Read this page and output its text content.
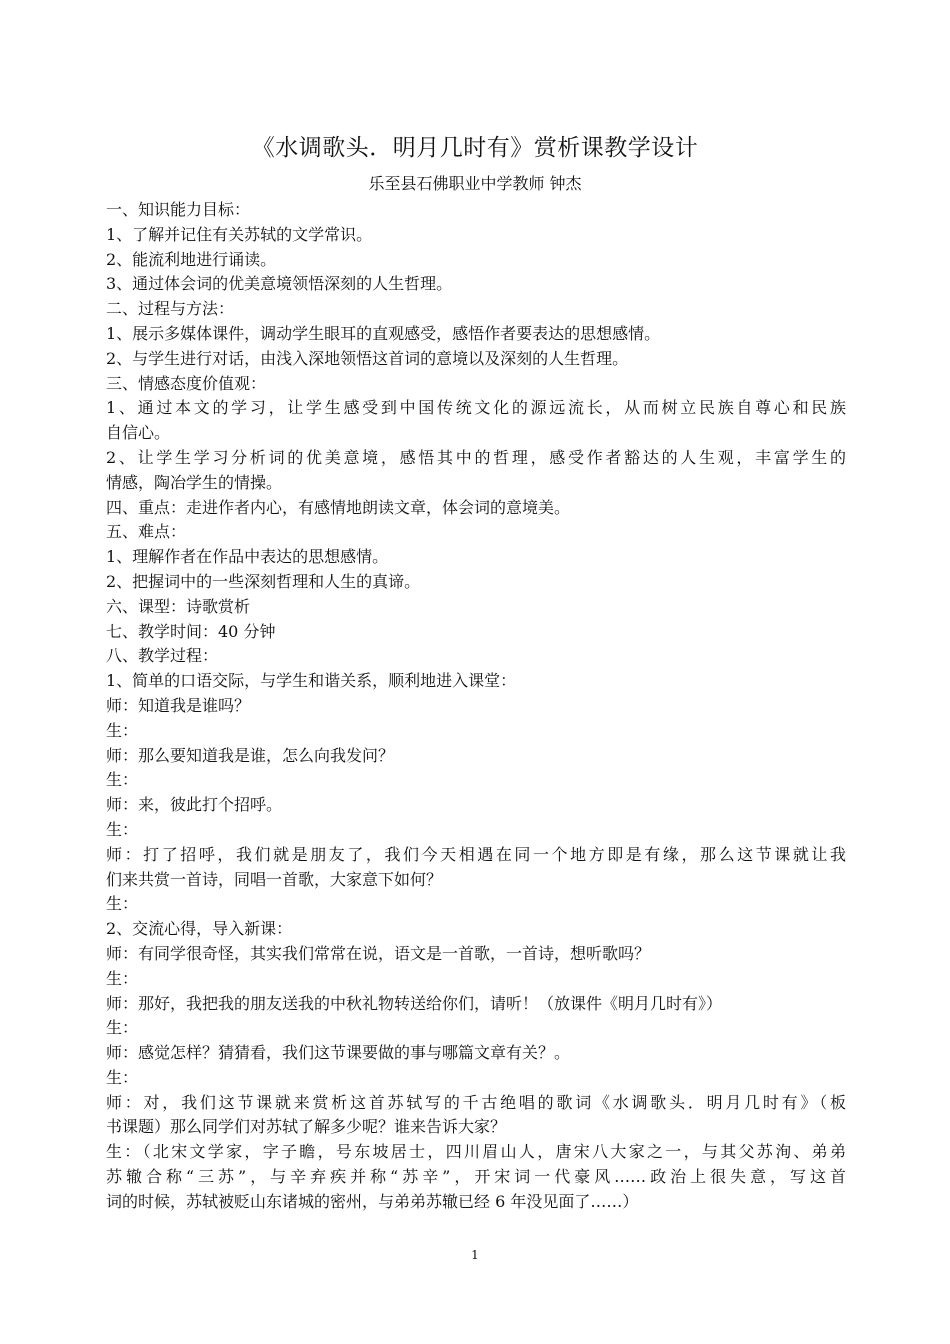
《水调歌头．明月几时有》赏析课教学设计
乐至县石佛职业中学教师 钟杰
一、知识能力目标：
1、了解并记住有关苏轼的文学常识。
2、能流利地进行诵读。
3、通过体会词的优美意境领悟深刻的人生哲理。
二、过程与方法：
1、展示多媒体课件，调动学生眼耳的直观感受，感悟作者要表达的思想感情。
2、与学生进行对话，由浅入深地领悟这首词的意境以及深刻的人生哲理。
三、情感态度价值观：
1、通过本文的学习，让学生感受到中国传统文化的源远流长，从而树立民族自尊心和民族
自信心。
2、让学生学习分析词的优美意境，感悟其中的哲理，感受作者豁达的人生观，丰富学生的
情感，陶冶学生的情操。
四、重点：走进作者内心，有感情地朗读文章，体会词的意境美。
五、难点：
1、理解作者在作品中表达的思想感情。
2、把握词中的一些深刻哲理和人生的真谛。
六、课型：诗歌赏析
七、教学时间：40 分钟
八、教学过程：
1、简单的口语交际，与学生和谐关系，顺利地进入课堂：
师：知道我是谁吗？
生：
师：那么要知道我是谁，怎么向我发问？
生：
师：来，彼此打个招呼。
生：
师：打了招呼，我们就是朋友了，我们今天相遇在同一个地方即是有缘，那么这节课就让我
们来共赏一首诗，同唱一首歌，大家意下如何？
生：
2、交流心得，导入新课：
师：有同学很奇怪，其实我们常常在说，语文是一首歌，一首诗，想听歌吗？
生：
师：那好，我把我的朋友送我的中秋礼物转送给你们，请听！（放课件《明月几时有》）
生：
师：感觉怎样？猜猜看，我们这节课要做的事与哪篇文章有关？。
生：
师：对，我们这节课就来赏析这首苏轼写的千古绝唱的歌词《水调歌头．明月几时有》（板
书课题）那么同学们对苏轼了解多少呢？谁来告诉大家？
生：（北宋文学家，字子瞻，号东坡居士，四川眉山人，唐宋八大家之一，与其父苏洵、弟弟
苏辙合称“三苏”，与辛弃疾并称“苏辛”，开宋词一代豪风……政治上很失意，写这首
词的时候，苏轼被贬山东诸城的密州，与弟弟苏辙已经 6 年没见面了……）
1
